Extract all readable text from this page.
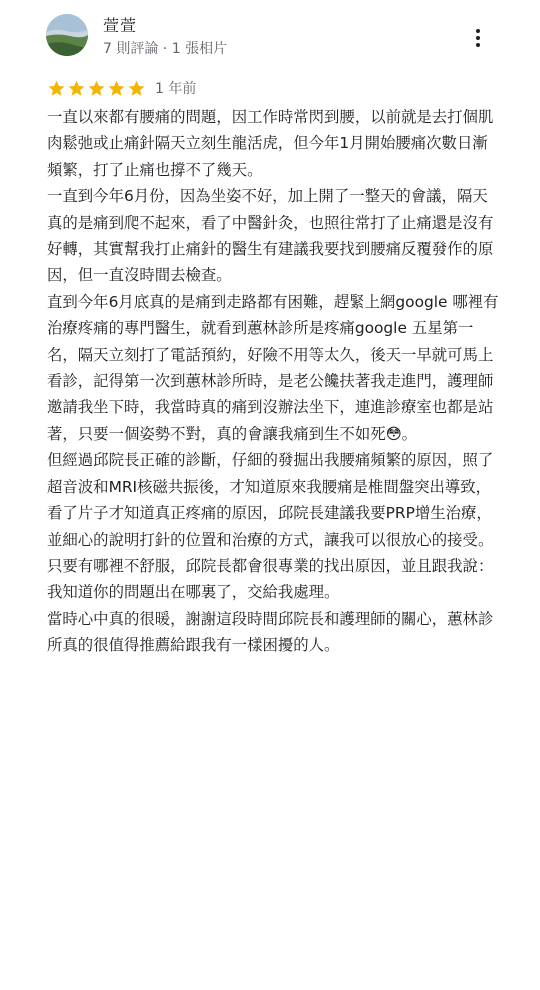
萱萱
7 則評論 · 1 張相片
1 年前

一直以來都有腰痛的問題，因工作時常閃到腰，以前就是去打個肌肉鬆弛或止痛針隔天立刻生龍活虎，但今年1月開始腰痛次數日漸頻繁，打了止痛也撐不了幾天。

一直到今年6月份，因為坐姿不好，加上開了一整天的會議，隔天真的是痛到爬不起來，看了中醫針灸，也照往常打了止痛還是沒有好轉，其實幫我打止痛針的醫生有建議我要找到腰痛反覆發作的原因，但一直沒時間去檢查。

直到今年6月底真的是痛到走路都有困難，趕緊上網google 哪裡有治療疼痛的專門醫生，就看到蕙林診所是疼痛google 五星第一名，隔天立刻打了電話預約，好險不用等太久，後天一早就可馬上看診，記得第一次到蕙林診所時，是老公饞扶著我走進門，護理師邀請我坐下時，我當時真的痛到沒辦法坐下，連進診療室也都是站著，只要一個姿勢不對，真的會讓我痛到生不如死😳。

但經過邱院長正確的診斷，仔細的發掘出我腰痛頻繁的原因，照了超音波和MRI核磁共振後，才知道原來我腰痛是椎間盤突出導致，看了片子才知道真正疼痛的原因，邱院長建議我要PRP增生治療，並細心的說明打針的位置和治療的方式，讓我可以很放心的接受。

只要有哪裡不舒服，邱院長都會很專業的找出原因，並且跟我說：我知道你的問題出在哪裏了，交給我處理。

當時心中真的很暖，謝謝這段時間邱院長和護理師的關心，蕙林診所真的很值得推薦給跟我有一樣困擾的人。
